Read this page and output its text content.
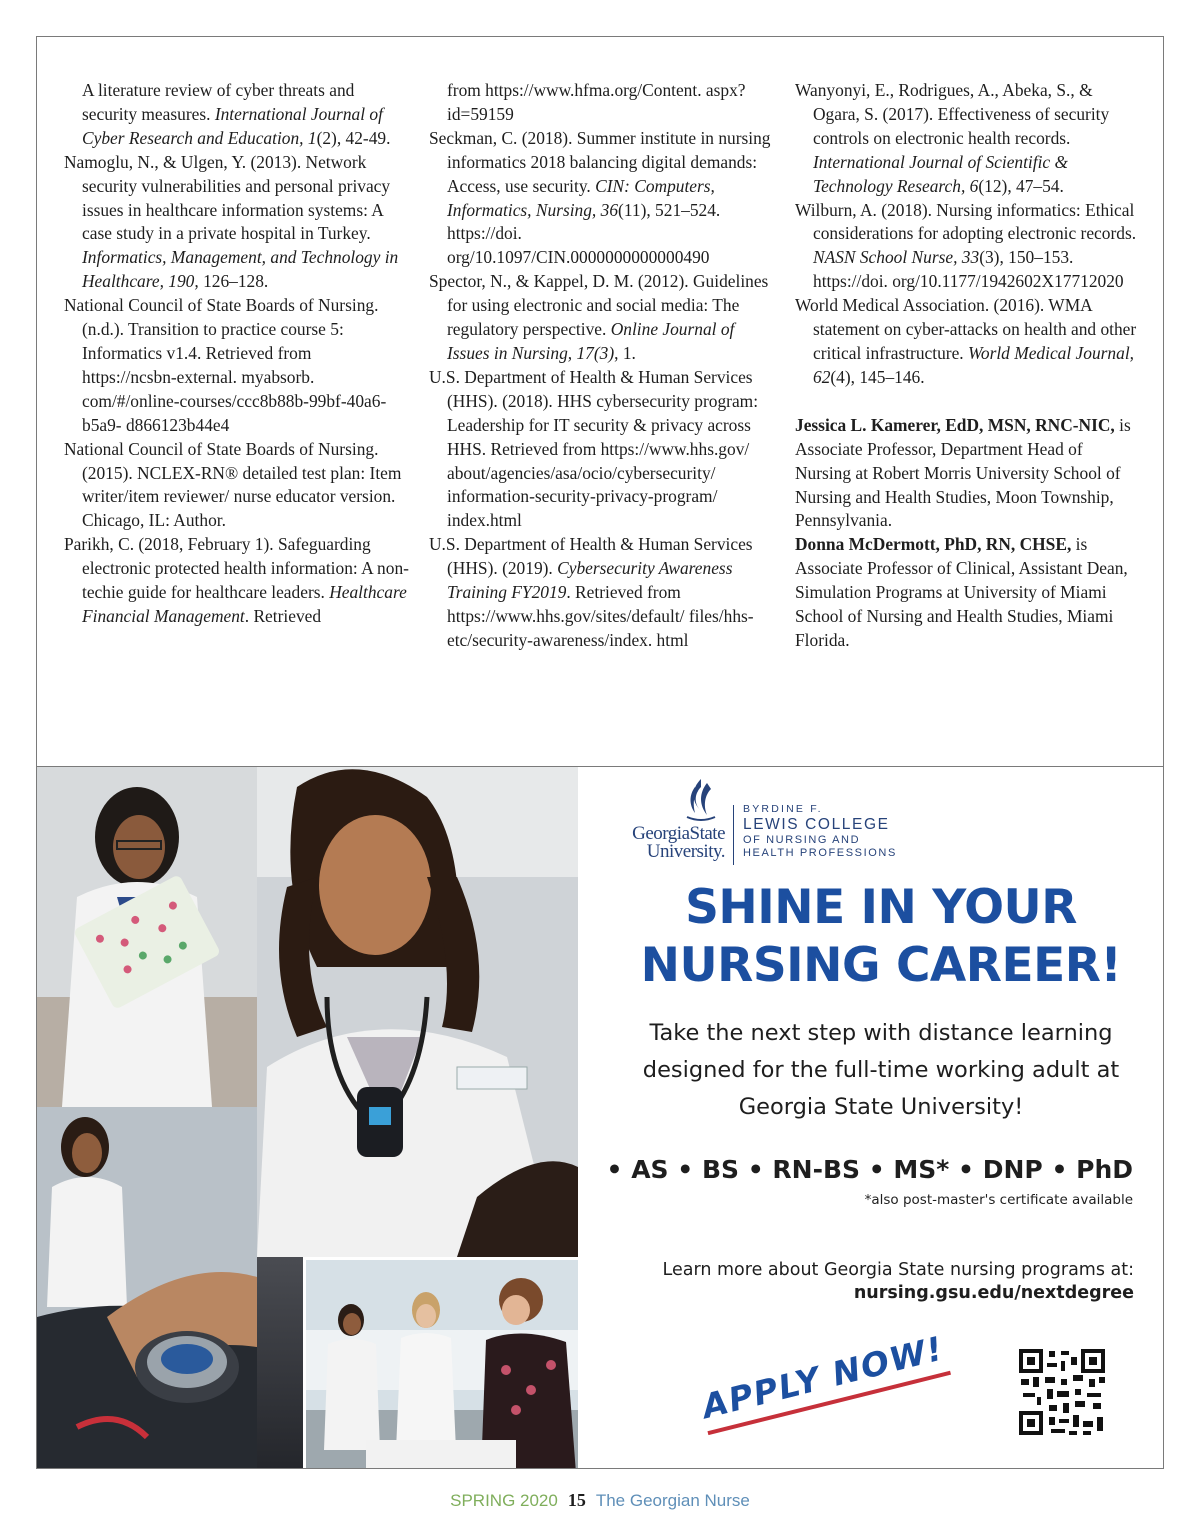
A literature review of cyber threats and security measures. International Journal of Cyber Research and Education, 1(2), 42-49.
Namoglu, N., & Ulgen, Y. (2013). Network security vulnerabilities and personal privacy issues in healthcare information systems: A case study in a private hospital in Turkey. Informatics, Management, and Technology in Healthcare, 190, 126–128.
National Council of State Boards of Nursing. (n.d.). Transition to practice course 5: Informatics v1.4. Retrieved from https://ncsbn-external. myabsorb. com/#/online-courses/ccc8b88b-99bf-40a6-b5a9- d866123b44e4
National Council of State Boards of Nursing. (2015). NCLEX-RN® detailed test plan: Item writer/item reviewer/ nurse educator version. Chicago, IL: Author.
Parikh, C. (2018, February 1). Safeguarding electronic protected health information: A non- techie guide for healthcare leaders. Healthcare Financial Management. Retrieved
from https://www.hfma.org/Content. aspx?id=59159
Seckman, C. (2018). Summer institute in nursing informatics 2018 balancing digital demands: Access, use security. CIN: Computers, Informatics, Nursing, 36(11), 521–524. https://doi. org/10.1097/CIN.0000000000000490
Spector, N., & Kappel, D. M. (2012). Guidelines for using electronic and social media: The regulatory perspective. Online Journal of Issues in Nursing, 17(3), 1.
U.S. Department of Health & Human Services (HHS). (2018). HHS cybersecurity program: Leadership for IT security & privacy across HHS. Retrieved from https://www.hhs.gov/ about/agencies/asa/ocio/cybersecurity/ information-security-privacy-program/ index.html
U.S. Department of Health & Human Services (HHS). (2019). Cybersecurity Awareness Training FY2019. Retrieved from https://www.hhs.gov/sites/default/ files/hhs-etc/security-awareness/index. html
Wanyonyi, E., Rodrigues, A., Abeka, S., & Ogara, S. (2017). Effectiveness of security controls on electronic health records. International Journal of Scientific & Technology Research, 6(12), 47–54.
Wilburn, A. (2018). Nursing informatics: Ethical considerations for adopting electronic records. NASN School Nurse, 33(3), 150–153. https://doi. org/10.1177/1942602X17712020
World Medical Association. (2016). WMA statement on cyber-attacks on health and other critical infrastructure. World Medical Journal, 62(4), 145–146.
Jessica L. Kamerer, EdD, MSN, RNC-NIC, is Associate Professor, Department Head of Nursing at Robert Morris University School of Nursing and Health Studies, Moon Township, Pennsylvania.
Donna McDermott, PhD, RN, CHSE, is Associate Professor of Clinical, Assistant Dean, Simulation Programs at University of Miami School of Nursing and Health Studies, Miami Florida.
GeorgiaState
University.
BYRDINE F.
LEWIS COLLEGE
OF NURSING AND
HEALTH PROFESSIONS
SHINE IN YOUR
NURSING CAREER!
Take the next step with distance learning
designed for the full-time working adult at
Georgia State University!
• AS • BS • RN-BS • MS* • DNP • PhD
*also post-master's certificate available
Learn more about Georgia State nursing programs at:
nursing.gsu.edu/nextdegree
APPLY NOW!
SPRING 2020 15 The Georgian Nurse
